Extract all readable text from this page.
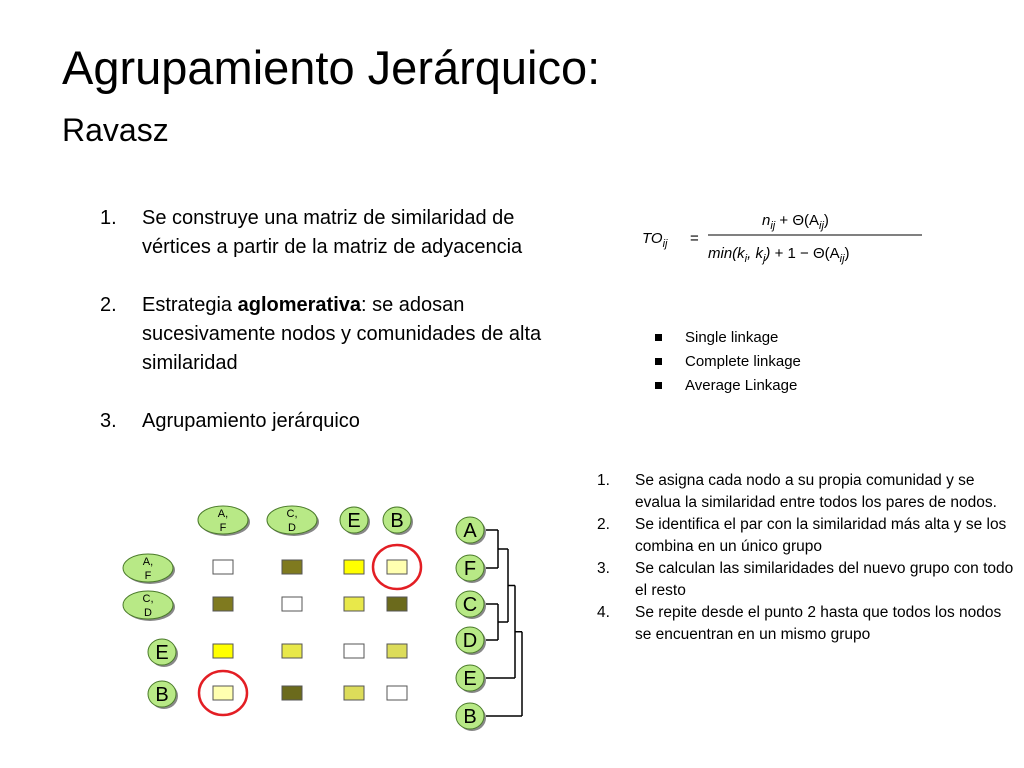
Agrupamiento Jerárquico:
Ravasz
1. Se construye una matriz de similaridad de vértices a partir de la matriz de adyacencia
2. Estrategia aglomerativa: se adosan sucesivamente nodos y comunidades de alta similaridad
3. Agrupamiento jerárquico
$TO_{ij}$ =
$n_{ij} + \Theta(A_{ij})$
$\min(k_i$, $k_j) + 1 - \Theta(A_{ij})$
Single linkage
Complete linkage
Average Linkage
1. Se asigna cada nodo a su propia comunidad y se evalua la similaridad entre todos los pares de nodos.
2. Se identifica el par con la similaridad más alta y se los combina en un único grupo
3. Se calculan las similaridades del nuevo grupo con todo el resto
4. Se repite desde el punto 2 hasta que todos los nodos se encuentran en un mismo grupo
A,
F
C,
D	E B
A,
F
C,
D
E
B
A
F
C
D
E
B
